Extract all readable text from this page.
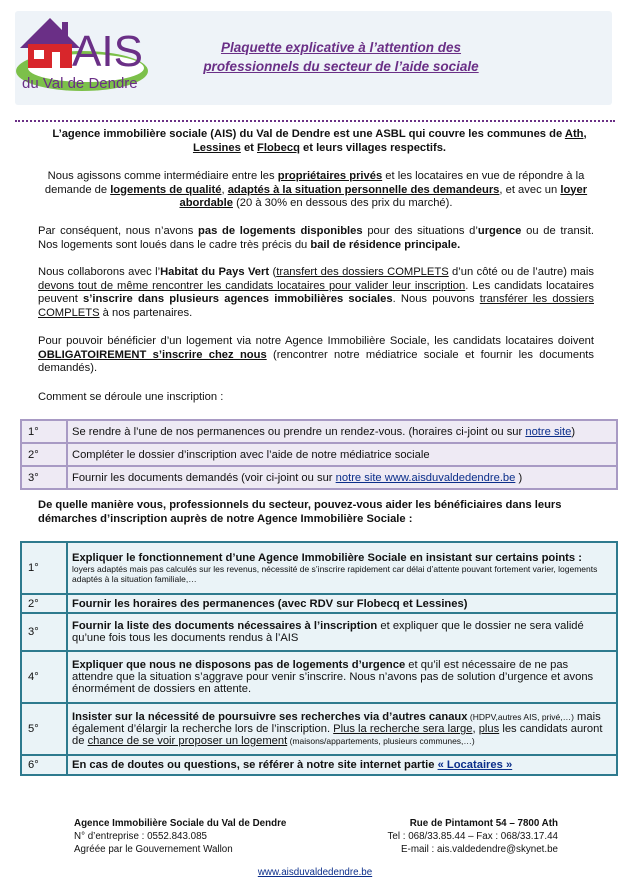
AIS
du Val de Dendre
Plaquette explicative à l’attention des
professionnels du secteur de l’aide sociale
L’agence immobilière sociale (AIS) du Val de Dendre est une ASBL qui couvre les communes de Ath, Lessines et Flobecq et leurs villages respectifs.
Nous agissons comme intermédiaire entre les propriétaires privés et les locataires en vue de répondre à la demande de logements de qualité, adaptés à la situation personnelle des demandeurs, et avec un loyer abordable (20 à 30% en dessous des prix du marché).
Par conséquent, nous n’avons pas de logements disponibles pour des situations d’urgence ou de transit. Nos logements sont loués dans le cadre très précis du bail de résidence principale.
Nous collaborons avec l’Habitat du Pays Vert (transfert des dossiers COMPLETS d’un côté ou de l’autre) mais devons tout de même rencontrer les candidats locataires pour valider leur inscription. Les candidats locataires peuvent s’inscrire dans plusieurs agences immobilières sociales. Nous pouvons transférer les dossiers COMPLETS à nos partenaires.
Pour pouvoir bénéficier d’un logement via notre Agence Immobilière Sociale, les candidats locataires doivent OBLIGATOIREMENT s’inscrire chez nous (rencontrer notre médiatrice sociale et fournir les documents demandés).
Comment se déroule une inscription :
1°	Se rendre à l’une de nos permanences ou prendre un rendez-vous. (horaires ci-joint ou sur notre site)
2°	Compléter le dossier d’inscription avec l’aide de notre médiatrice sociale
3°	Fournir les documents demandés (voir ci-joint ou sur notre site www.aisduvaldedendre.be )
De quelle manière vous, professionnels du secteur, pouvez-vous aider les bénéficiaires dans leurs démarches d’inscription auprès de notre Agence Immobilière Sociale :
1°	Expliquer le fonctionnement d’une Agence Immobilière Sociale en insistant sur certains points :
loyers adaptés mais pas calculés sur les revenus, nécessité de s’inscrire rapidement car délai d’attente pouvant fortement varier, logements adaptés à la situation familiale,…

2°	Fournir les horaires des permanences (avec RDV sur Flobecq et Lessines)
3°	Fournir la liste des documents nécessaires à l’inscription et expliquer que le dossier ne sera validé qu’une fois tous les documents rendus à l’AIS
4°	Expliquer que nous ne disposons pas de logements d’urgence et qu’il est nécessaire de ne pas attendre que la situation s’aggrave pour venir s’inscrire. Nous n’avons pas de solution d’urgence et avons énormément de dossiers en attente.
5°	Insister sur la nécessité de poursuivre ses recherches via d’autres canaux (HDPV,autres AIS, privé,…) mais également d’élargir la recherche lors de l’inscription. Plus la recherche sera large, plus les candidats auront de chance de se voir proposer un logement (maisons/appartements, plusieurs communes,…)
6°	En cas de doutes ou questions, se référer à notre site internet partie « Locataires »
Agence Immobilière Sociale du Val de Dendre
N° d’entreprise : 0552.843.085
Agréée par le Gouvernement Wallon
Rue de Pintamont 54 – 7800 Ath
Tel : 068/33.85.44 – Fax : 068/33.17.44
E-mail : ais.valdedendre@skynet.be
www.aisduvaldedendre.be
